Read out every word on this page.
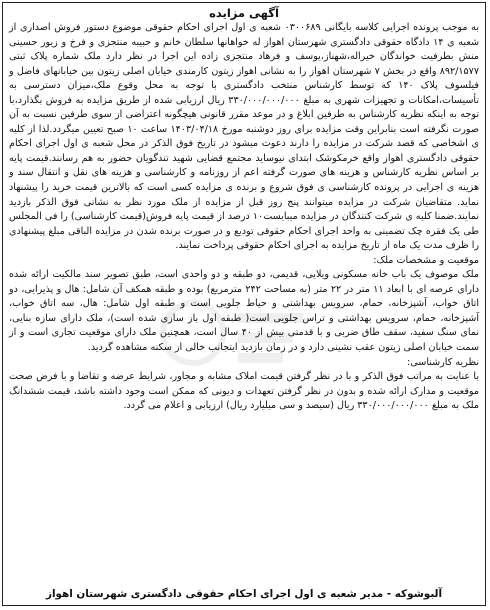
آگهی مزایده

به موجب پرونده اجرایی کلاسه بایگانی ۰۳۰۰۶۸۹ شعبه ی اول اجرای احکام حقوقی موضوع دستور فروش اصداری از شعبه ی ۱۴ دادگاه حقوقی دادگستری شهرستان اهواز له خواهانها سلطان خانم و حبیبه منتجزی و فرخ و زیور حسینی منش بطرفیت خواندگان خیراله،شهناز،یوسف و فرهاد منتجزی زاده این اجرا در نظر دارد ملک شماره پلاک ثبتی ۸۹۲/۱۵۷۷ واقع در بخش ۷ شهرستان اهواز را به نشانی اهواز زیتون کارمندی خیابان اصلی زیتون بین خیابانهای فاضل و فیلسوف پلاک ۱۴۰ که توسط کارشناس منتخب دادگستری با توجه به محل وقوع ملک،میزان دسترسی به تأسیسات،امکانات و تجهیزات شهری به مبلغ ۳۳۰/۰۰۰/۰۰۰/۰۰۰ ریال ارزیابی شده از طریق مزایده به فروش بگذارد،با توجه به اینکه نظریه کارشناس به طرفین ابلاغ و در موعد مقرر قانونی هیچگونه اعتراضی از سوی طرفین نسبت به آن صورت نگرفته است بنابراین وقت مزایده برای روز دوشنبه مورخ ۱۴۰۳/۰۴/۱۸ ساعت ۱۰ صبح تعیین میگردد.لذا از کلیه ی اشخاصی که قصد شرکت در مزایده را دارند دعوت میشود در تاریخ فوق الذکر در محل شعبه ی اول اجرای احکام حقوقی دادگستری اهواز واقع خرمکوشک ابتدای نیوساید مجتمع قضایی شهید تندگویان حضور به هم رسانند.قیمت پایه بر اساس نظریه کارشناس و هزینه های صورت گرفته اعم از روزنامه و کارشناسی و هزینه های نقل و انتقال سند و هزینه ی اجرایی در پرونده کارشناسی ی فوق شروع و برنده ی مزایده کسی است که بالاترین قیمت خرید را پیشنهاد نماید. متقاضیان شرکت در مزایده میتوانند پنج روز قبل از مزایده از ملک مورد نظر به نشانی فوق الذکر بازدید نمایند.ضمنا کلیه ی شرکت کنندگان در مزایده میبایست۱۰ درصد از قیمت پایه فروش(قیمت کارشناسی) را فی المجلس طی یک فقره چک تضمینی به واحد اجرای احکام حقوقی تودیع و در صورت برنده شدن در مزایده الباقی مبلغ پیشنهادی را ظرف مدت یک ماه از تاریخ مزایده به اجرای احکام حقوقی پرداخت نمایند.

موقعیت و مشخصات ملک:

ملک موصوف یک باب خانه مسکونی ویلایی، قدیمی، دو طبقه و دو واحدی است، طبق تصویر سند مالکیت ارائه شده دارای عرصه ای با ابعاد ۱۱ متر در ۲۲ متر (به مساحت ۲۴۲ مترمربع) بوده و طبقه همکف آن شامل: هال و پذیرایی، دو اتاق خواب، آشپزخانه، حمام، سرویس بهداشتی و حیاط جلویی است و طبقه اول شامل: هال، سه اتاق خواب، آشپزخانه، حمام، سرویس بهداشتی و تراس جلویی است( طبقه اول باز سازی شده است)، ملک دارای سازه بنایی، نمای سنگ سفید، سقف طاق ضربی و با قدمتی بیش از ۴۰ سال است، همچنین ملک دارای موقعیت تجاری است و از سمت خیابان اصلی زیتون عقب نشینی دارد و در زمان بازدید ایتجانب خالی از سکنه مشاهده گردید.

نظریه کارشناسی:

با عنایت به مراتب فوق الذکر و با در نظر گرفتن قیمت املاک مشابه و مجاور، شرایط عرضه و تقاضا و با فرض صحت موقعیت و مدارک ارائه شده و بدون در نظر گرفتن تعهدات و دیونی که ممکن است وجود داشته باشد، قیمت ششدانگ ملک به مبلغ ۳۳۰/۰۰۰/۰۰۰/۰۰۰ ریال (سیصد و سی میلیارد ریال) ارزیابی و اعلام می گردد.

آلبوشوکه - مدیر شعبه ی اول اجرای احکام حقوقی دادگستری شهرستان اهواز
